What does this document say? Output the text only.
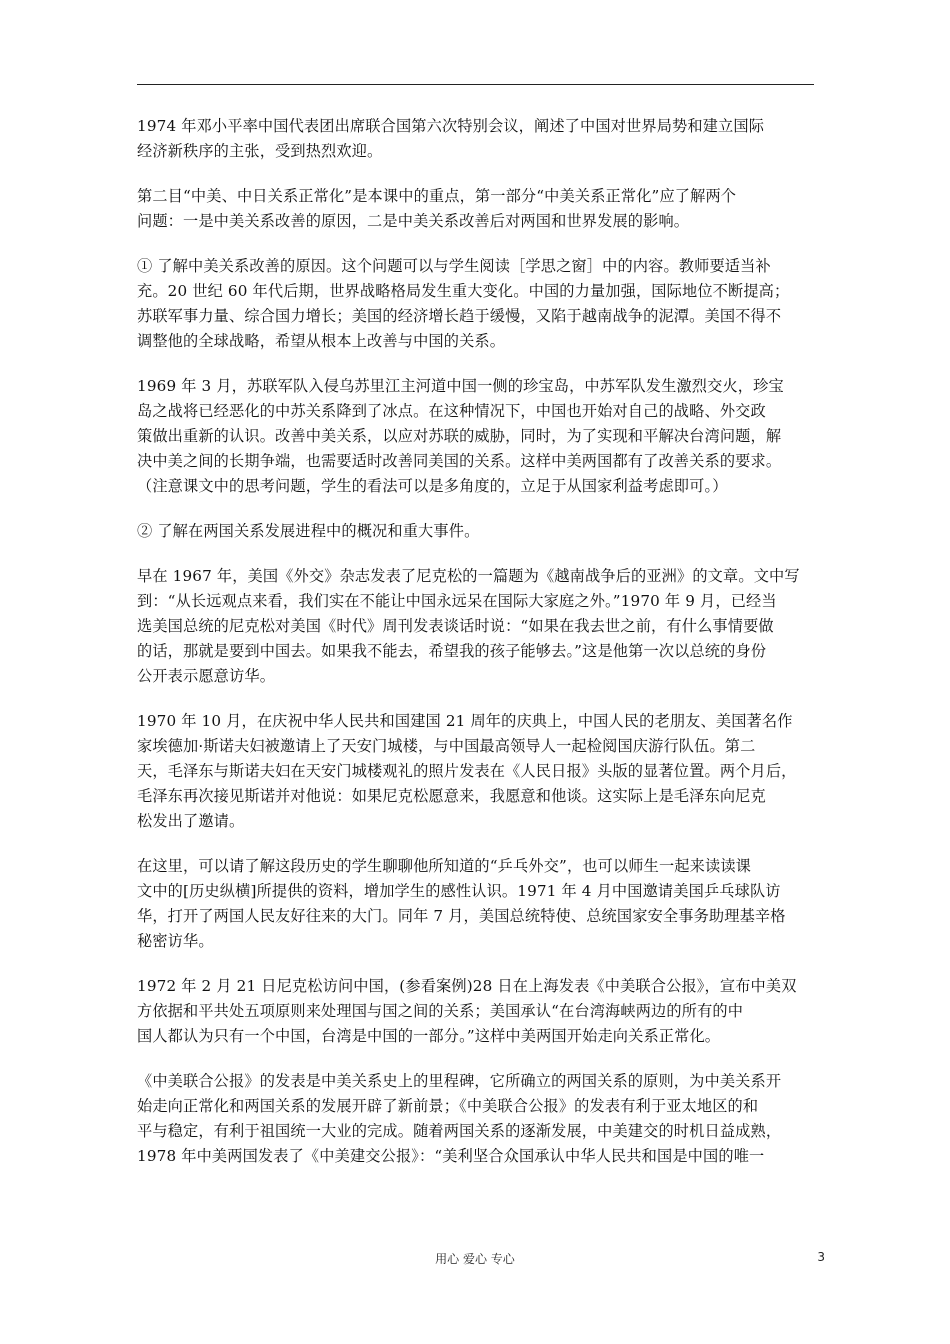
1974 年邓小平率中国代表团出席联合国第六次特别会议，阐述了中国对世界局势和建立国际
经济新秩序的主张，受到热烈欢迎。

第二目“中美、中日关系正常化”是本课中的重点，第一部分“中美关系正常化”应了解两个
问题：一是中美关系改善的原因，二是中美关系改善后对两国和世界发展的影响。

① 了解中美关系改善的原因。这个问题可以与学生阅读［学思之窗］中的内容。教师要适当补
充。20 世纪 60 年代后期，世界战略格局发生重大变化。中国的力量加强，国际地位不断提高；
苏联军事力量、综合国力增长；美国的经济增长趋于缓慢，又陷于越南战争的泥潭。美国不得不
调整他的全球战略，希望从根本上改善与中国的关系。

1969 年 3 月，苏联军队入侵乌苏里江主河道中国一侧的珍宝岛，中苏军队发生激烈交火，珍宝
岛之战将已经恶化的中苏关系降到了冰点。在这种情况下，中国也开始对自己的战略、外交政
策做出重新的认识。改善中美关系，以应对苏联的威胁，同时，为了实现和平解决台湾问题，解
决中美之间的长期争端，也需要适时改善同美国的关系。这样中美两国都有了改善关系的要求。
（注意课文中的思考问题，学生的看法可以是多角度的，立足于从国家利益考虑即可。）

② 了解在两国关系发展进程中的概况和重大事件。

早在 1967 年，美国《外交》杂志发表了尼克松的一篇题为《越南战争后的亚洲》的文章。文中写
到：“从长远观点来看，我们实在不能让中国永远呆在国际大家庭之外。”1970 年 9 月，已经当
选美国总统的尼克松对美国《时代》周刊发表谈话时说：“如果在我去世之前，有什么事情要做
的话，那就是要到中国去。如果我不能去，希望我的孩子能够去。”这是他第一次以总统的身份
公开表示愿意访华。

1970 年 10 月，在庆祝中华人民共和国建国 21 周年的庆典上，中国人民的老朋友、美国著名作
家埃德加·斯诺夫妇被邀请上了天安门城楼，与中国最高领导人一起检阅国庆游行队伍。第二
天，毛泽东与斯诺夫妇在天安门城楼观礼的照片发表在《人民日报》头版的显著位置。两个月后，
毛泽东再次接见斯诺并对他说：如果尼克松愿意来，我愿意和他谈。这实际上是毛泽东向尼克
松发出了邀请。

在这里，可以请了解这段历史的学生聊聊他所知道的“乒乓外交”，也可以师生一起来读读课
文中的[历史纵横]所提供的资料，增加学生的感性认识。1971 年 4 月中国邀请美国乒乓球队访
华，打开了两国人民友好往来的大门。同年 7 月，美国总统特使、总统国家安全事务助理基辛格
秘密访华。

1972 年 2 月 21 日尼克松访问中国，(参看案例)28 日在上海发表《中美联合公报》，宣布中美双
方依据和平共处五项原则来处理国与国之间的关系；美国承认“在台湾海峡两边的所有的中
国人都认为只有一个中国，台湾是中国的一部分。”这样中美两国开始走向关系正常化。

《中美联合公报》的发表是中美关系史上的里程碑，它所确立的两国关系的原则，为中美关系开
始走向正常化和两国关系的发展开辟了新前景；《中美联合公报》的发表有利于亚太地区的和
平与稳定，有利于祖国统一大业的完成。随着两国关系的逐渐发展，中美建交的时机日益成熟，
1978 年中美两国发表了《中美建交公报》：“美利坚合众国承认中华人民共和国是中国的唯一

用心 爱心 专心	3
